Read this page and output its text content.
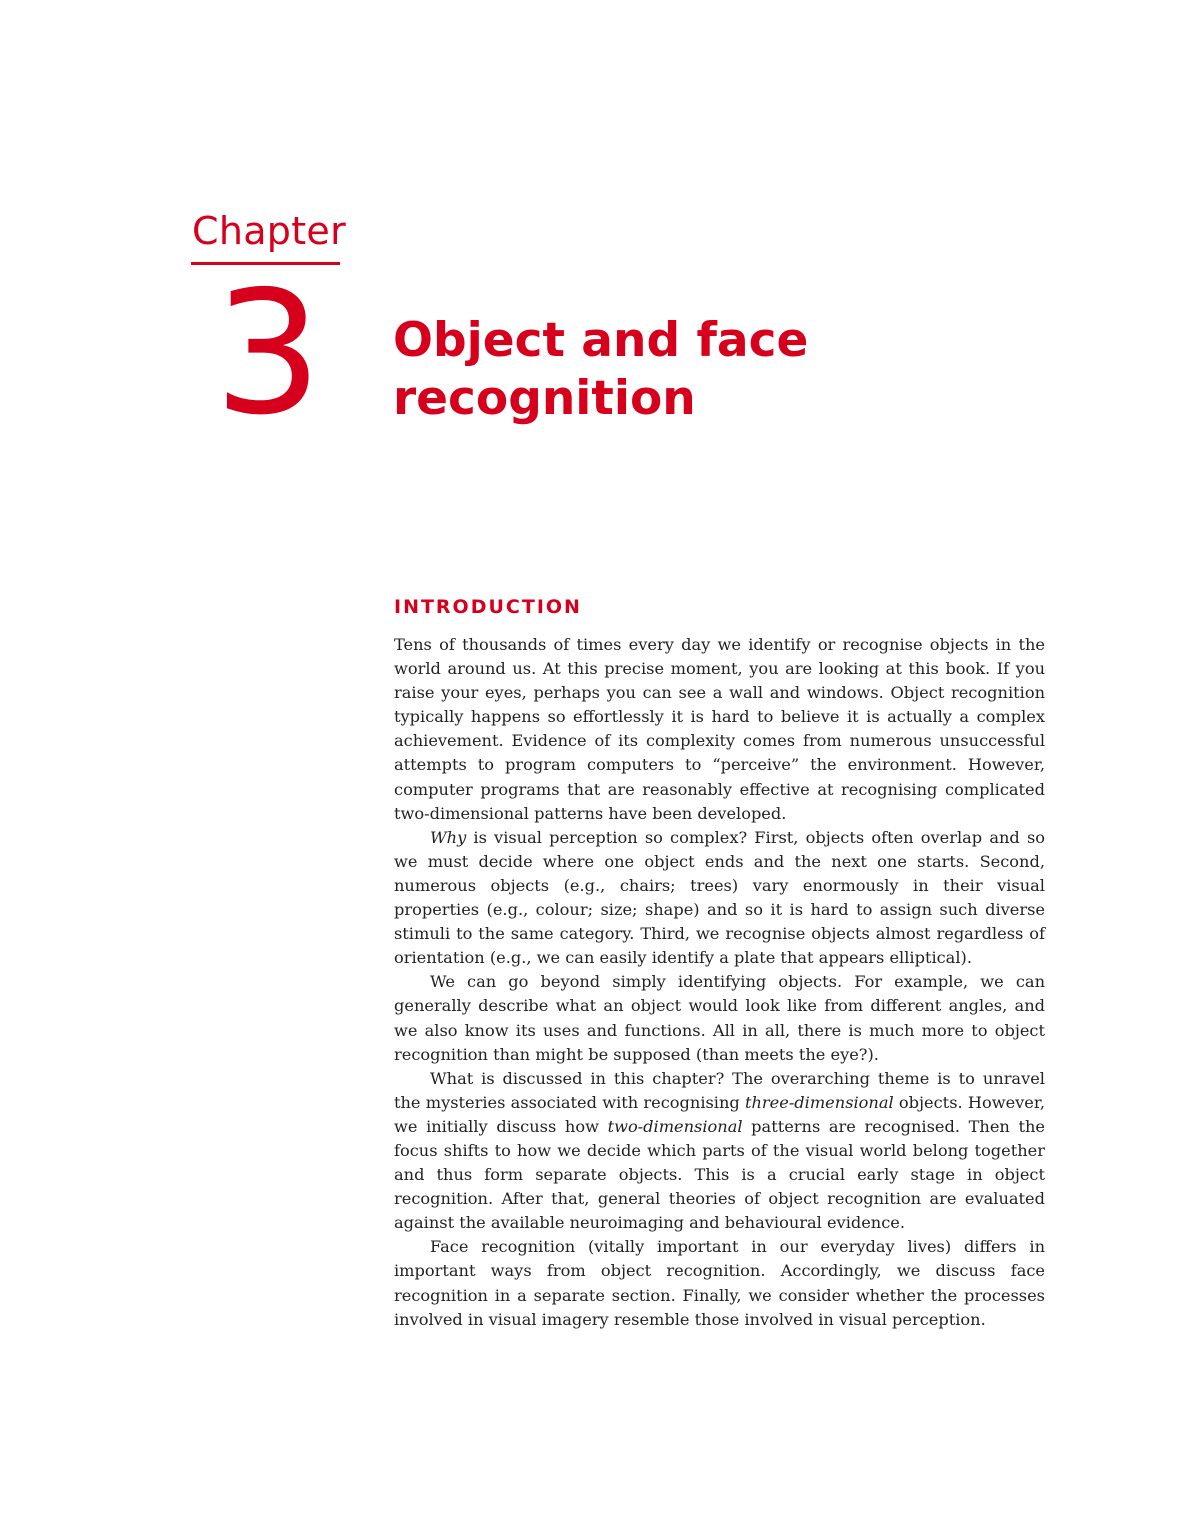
Chapter
3 Object and face recognition
INTRODUCTION

Tens of thousands of times every day we identify or recognise objects in the world around us. At this precise moment, you are looking at this book. If you raise your eyes, perhaps you can see a wall and windows. Object recognition typically happens so effortlessly it is hard to believe it is actually a complex achievement. Evidence of its complexity comes from numerous unsuccessful attempts to program computers to “perceive” the environment. However, computer programs that are reasonably effective at recognising complicated two-dimensional patterns have been developed.

Why is visual perception so complex? First, objects often overlap and so we must decide where one object ends and the next one starts. Second, numerous objects (e.g., chairs; trees) vary enormously in their visual properties (e.g., colour; size; shape) and so it is hard to assign such diverse stimuli to the same category. Third, we recognise objects almost regardless of orientation (e.g., we can easily identify a plate that appears elliptical).

We can go beyond simply identifying objects. For example, we can generally describe what an object would look like from different angles, and we also know its uses and functions. All in all, there is much more to object recognition than might be supposed (than meets the eye?).

What is discussed in this chapter? The overarching theme is to unravel the mysteries associated with recognising three-dimensional objects. However, we initially discuss how two-dimensional patterns are recognised. Then the focus shifts to how we decide which parts of the visual world belong together and thus form separate objects. This is a crucial early stage in object recognition. After that, general theories of object recognition are evaluated against the available neuroimaging and behavioural evidence.

Face recognition (vitally important in our everyday lives) differs in important ways from object recognition. Accordingly, we discuss face recognition in a separate section. Finally, we consider whether the processes involved in visual imagery resemble those involved in visual perception.
